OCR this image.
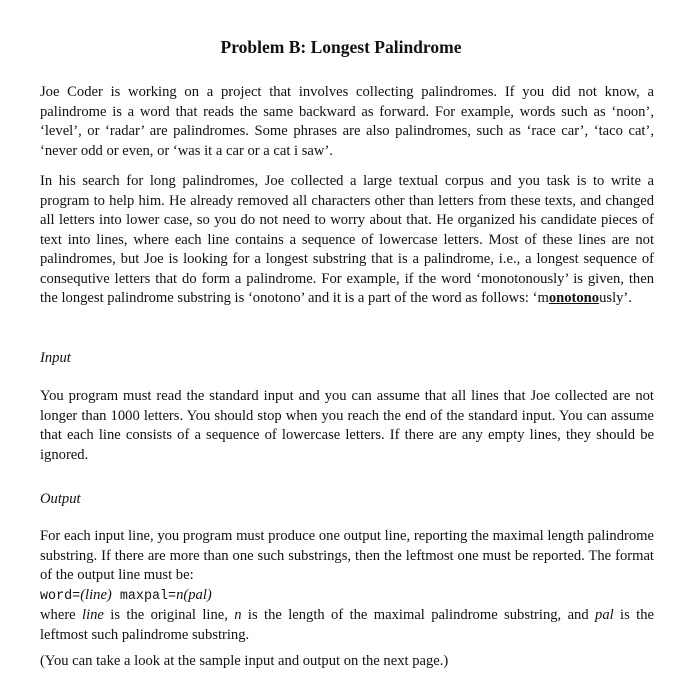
Problem B: Longest Palindrome

Joe Coder is working on a project that involves collecting palindromes. If you did not know, a palindrome is a word that reads the same backward as forward. For example, words such as ‘noon’, ‘level’, or ‘radar’ are palindromes. Some phrases are also palindromes, such as ‘race car’, ‘taco cat’, ‘never odd or even, or ‘was it a car or a cat i saw’.

In his search for long palindromes, Joe collected a large textual corpus and you task is to write a program to help him. He already removed all characters other than letters from these texts, and changed all letters into lower case, so you do not need to worry about that. He organized his candidate pieces of text into lines, where each line contains a sequence of lowercase letters. Most of these lines are not palindromes, but Joe is looking for a longest substring that is a palindrome, i.e., a longest sequence of consequtive letters that do form a palindrome. For example, if the word ‘monotonously’ is given, then the longest palindrome substring is ‘onotono’ and it is a part of the word as follows: ‘monotonously’.

Input

You program must read the standard input and you can assume that all lines that Joe collected are not longer than 1000 letters. You should stop when you reach the end of the standard input. You can assume that each line consists of a sequence of lowercase letters. If there are any empty lines, they should be ignored.

Output

For each input line, you program must produce one output line, reporting the maximal length palindrome substring. If there are more than one such substrings, then the leftmost one must be reported. The format of the output line must be:
word=(line) maxpal=n(pal)
where line is the original line, n is the length of the maximal palindrome substring, and pal is the leftmost such palindrome substring.

(You can take a look at the sample input and output on the next page.)
